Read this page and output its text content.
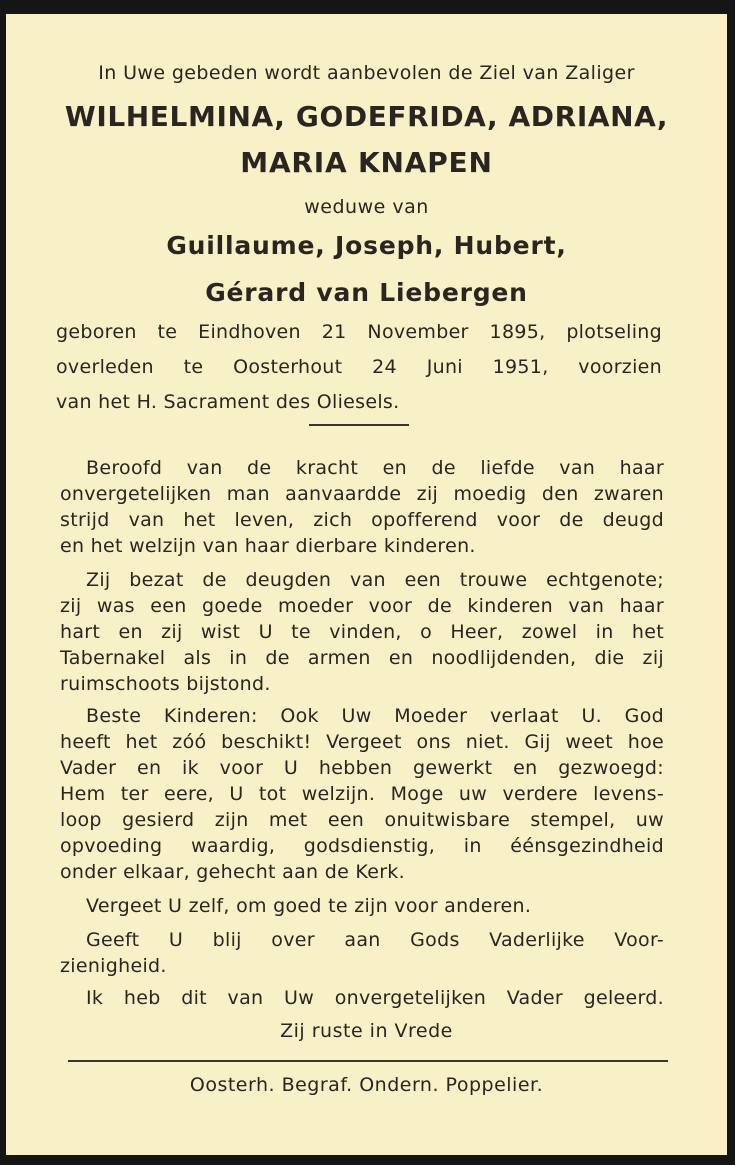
In Uwe gebeden wordt aanbevolen de Ziel van Zaliger

WILHELMINA, GODEFRIDA, ADRIANA,

MARIA KNAPEN

weduwe van

Guillaume, Joseph, Hubert,

Gérard van Liebergen

geboren te Eindhoven 21 November 1895, plotseling

overleden te Oosterhout 24 Juni 1951, voorzien

van het H. Sacrament des Oliesels.

Beroofd van de kracht en de liefde van haar

onvergetelijken man aanvaardde zij moedig den zwaren

strijd van het leven, zich opofferend voor de deugd

en het welzijn van haar dierbare kinderen.

Zij bezat de deugden van een trouwe echtgenote;

zij was een goede moeder voor de kinderen van haar

hart en zij wist U te vinden, o Heer, zowel in het

Tabernakel als in de armen en noodlijdenden, die zij

ruimschoots bijstond.

Beste Kinderen: Ook Uw Moeder verlaat U. God

heeft het zóó beschikt! Vergeet ons niet. Gij weet hoe

Vader en ik voor U hebben gewerkt en gezwoegd:

Hem ter eere, U tot welzijn. Moge uw verdere levens-

loop gesierd zijn met een onuitwisbare stempel, uw

opvoeding waardig, godsdienstig, in éénsgezindheid

onder elkaar, gehecht aan de Kerk.

Vergeet U zelf, om goed te zijn voor anderen.

Geeft U blij over aan Gods Vaderlijke Voor-

zienigheid.

Ik heb dit van Uw onvergetelijken Vader geleerd.

Zij ruste in Vrede

Oosterh. Begraf. Ondern. Poppelier.
